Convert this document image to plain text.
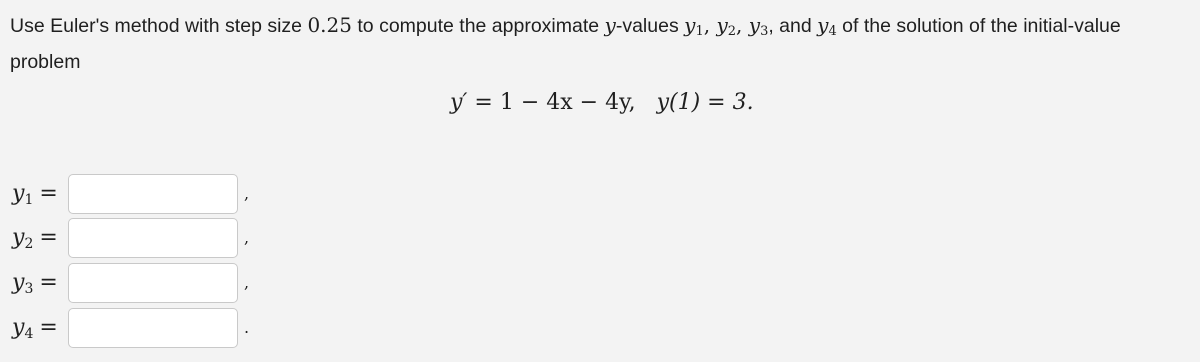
Use Euler's method with step size 0.25 to compute the approximate y-values $y_1$, $y_2$, $y_3$, and $y_4$ of the solution of the initial-value problem
y′ = 1 − 4x − 4y, y(1) = 3.
$y_1$ =	,
$y_2$ =	,
$y_3$ =	,
$y_4$ =	.
